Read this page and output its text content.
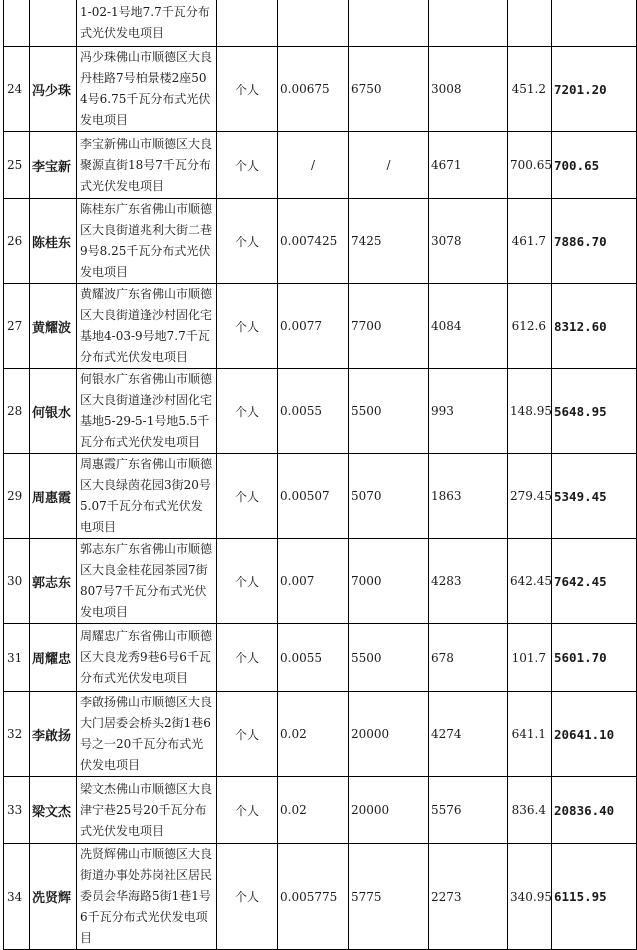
		1-02-1号地7.7千瓦分布式光伏发电项目						
24	冯少珠	冯少珠佛山市顺德区大良丹桂路7号柏景楼2座504号6.75千瓦分布式光伏发电项目	个人	0.00675	6750	3008	451.2	7201.20
25	李宝新	李宝新佛山市顺德区大良聚源直街18号7千瓦分布式光伏发电项目	个人	/	/	4671	700.65	700.65
26	陈桂东	陈桂东广东省佛山市顺德区大良街道兆利大街二巷9号8.25千瓦分布式光伏发电项目	个人	0.007425	7425	3078	461.7	7886.70
27	黄耀波	黄耀波广东省佛山市顺德区大良街道逢沙村固化宅基地4-03-9号地7.7千瓦分布式光伏发电项目	个人	0.0077	7700	4084	612.6	8312.60
28	何银水	何银水广东省佛山市顺德区大良街道逢沙村固化宅基地5-29-5-1号地5.5千瓦分布式光伏发电项目	个人	0.0055	5500	993	148.95	5648.95
29	周惠霞	周惠霞广东省佛山市顺德区大良绿茵花园3街20号5.07千瓦分布式光伏发电项目	个人	0.00507	5070	1863	279.45	5349.45
30	郭志东	郭志东广东省佛山市顺德区大良金桂花园茶园7街807号7千瓦分布式光伏发电项目	个人	0.007	7000	4283	642.45	7642.45
31	周耀忠	周耀忠广东省佛山市顺德区大良龙秀9巷6号6千瓦分布式光伏发电项目	个人	0.0055	5500	678	101.7	5601.70
32	李啟扬	李啟扬佛山市顺德区大良大门居委会桥头2街1巷6号之一20千瓦分布式光伏发电项目	个人	0.02	20000	4274	641.1	20641.10
33	梁文杰	梁文杰佛山市顺德区大良津宁巷25号20千瓦分布式光伏发电项目	个人	0.02	20000	5576	836.4	20836.40
34	冼贤辉	冼贤辉佛山市顺德区大良街道办事处苏岗社区居民委员会华海路5街1巷1号6千瓦分布式光伏发电项目	个人	0.005775	5775	2273	340.95	6115.95
